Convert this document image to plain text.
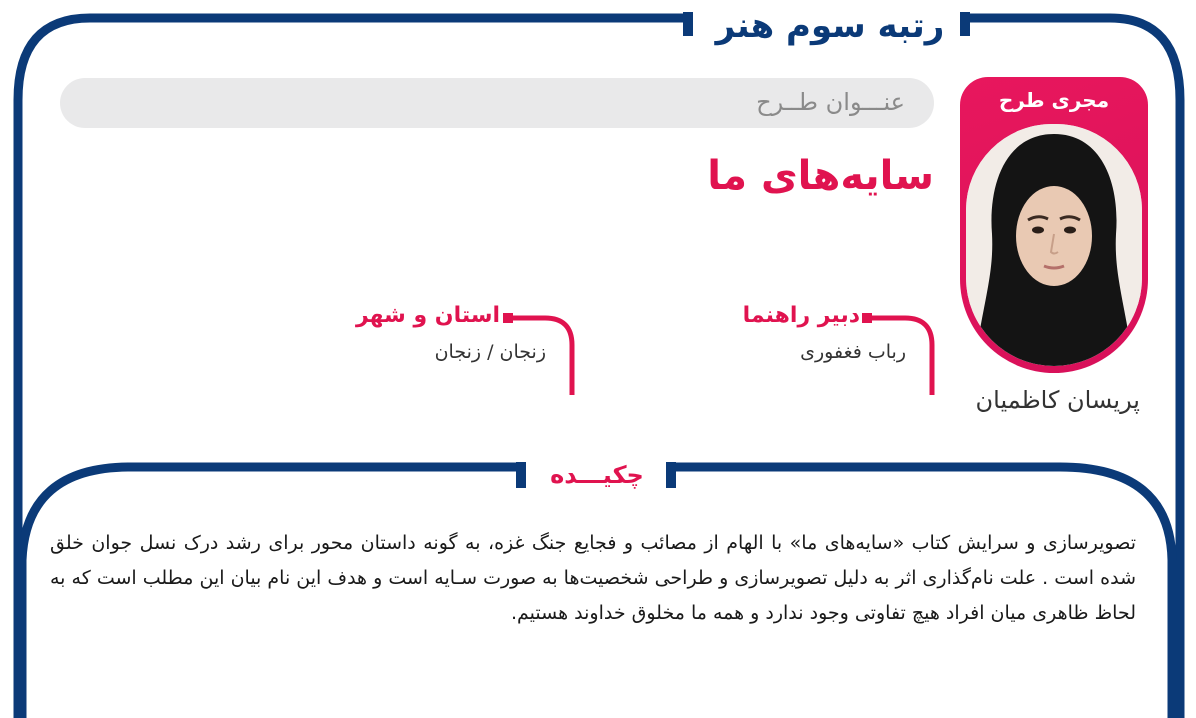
رتبه سوم هنر
عنـــوان طــرح
سایه‌های ما
مجری طرح
پریسان کاظمیان
دبیر راهنما
رباب فغفوری
استان و شهر
زنجان / زنجان
چکیـــده
تصویرسازی و سرایش کتاب «سایه‌های ما» با الهام از مصائب و فجایع جنگ غزه، به گونه داستان محور برای رشد درک نسل جوان خلق شده است . علت نام‌گذاری اثر به دلیل تصویرسازی و طراحی شخصیت‌ها به صورت سـایه است و هدف این نام بیان این مطلب است که به لحاظ ظاهری میان افراد هیچ تفاوتی وجود ندارد و همه ما مخلوق خداوند هستیم.
